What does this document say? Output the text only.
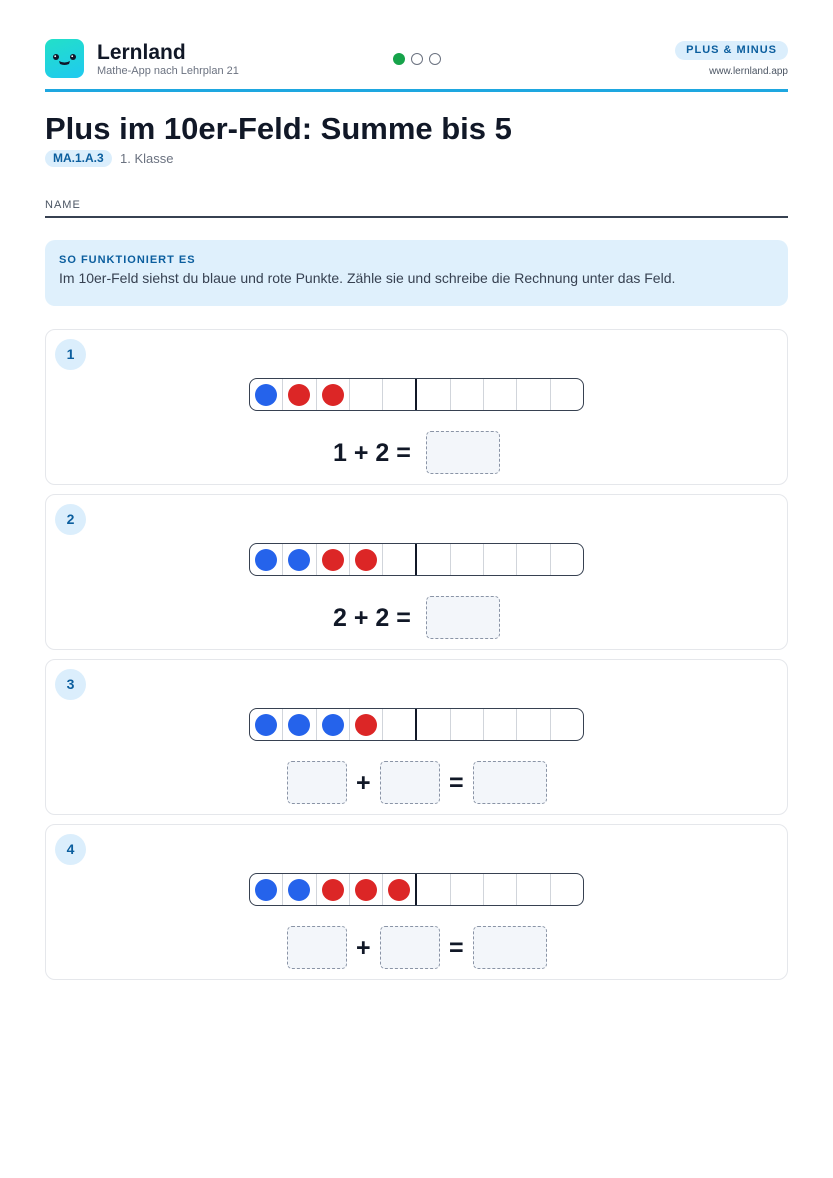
Lernland
Mathe-App nach Lehrplan 21
PLUS & MINUS
www.lernland.app
Plus im 10er-Feld: Summe bis 5
MA.1.A.3	1. Klasse
NAME
SO FUNKTIONIERT ES
Im 10er-Feld siehst du blaue und rote Punkte. Zähle sie und schreibe die Rechnung unter das Feld.
1
1 + 2 =
2
2 + 2 =
3
+	=
4
+	=
